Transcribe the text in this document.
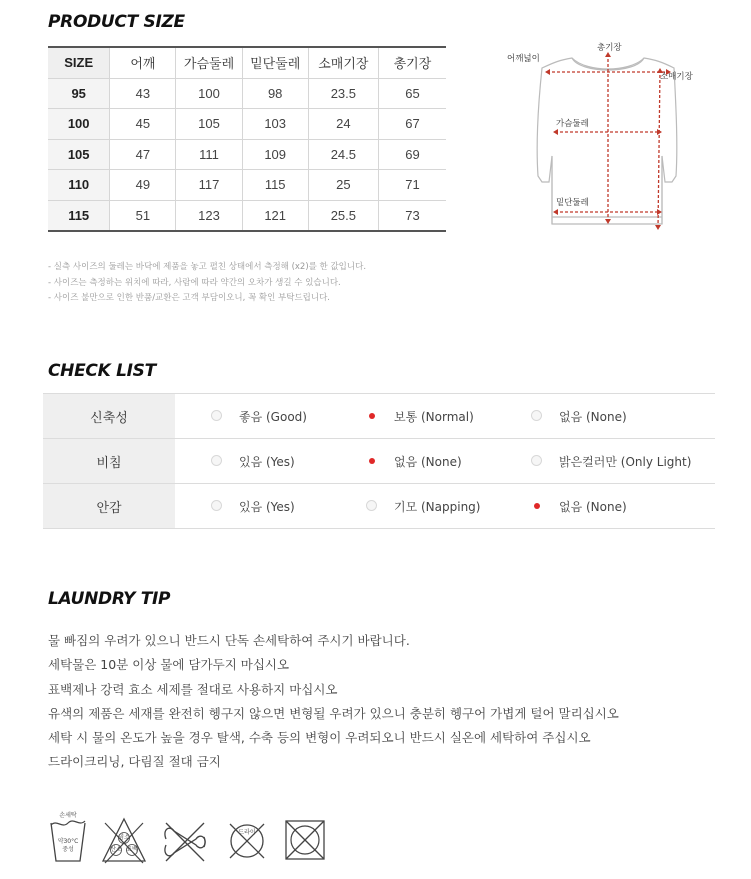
PRODUCT SIZE
SIZE	어깨	가슴둘레	밑단둘레	소매기장	총기장
95	43	100	98	23.5	65
100	45	105	103	24	67
105	47	111	109	24.5	69
110	49	117	115	25	71
115	51	123	121	25.5	73
- 실측 사이즈의 둘레는 바닥에 제품을 놓고 펼친 상태에서 측정해 (x2)를 한 값입니다.
- 사이즈는 측정하는 위치에 따라, 사람에 따라 약간의 오차가 생길 수 있습니다.
- 사이즈 불만으로 인한 반품/교환은 고객 부담이오니, 꼭 확인 부탁드립니다.
어깨넓이
총기장
소매기장
가슴둘레
밑단둘레
CHECK LIST
신축성	좋음 (Good)	보통 (Normal)	없음 (None)
비침	있음 (Yes)	없음 (None)	밝은컬러만 (Only Light)
안감	있음 (Yes)	기모 (Napping)	없음 (None)
LAUNDRY TIP
물 빠짐의 우려가 있으니 반드시 단독 손세탁하여 주시기 바랍니다.
세탁물은 10분 이상 물에 담가두지 마십시오
표백제나 강력 효소 세제를 절대로 사용하지 마십시오
유색의 제품은 세재를 완전히 헹구지 않으면 변형될 우려가 있으니 충분히 헹구어 가볍게 털어 말리십시오
세탁 시 물의 온도가 높을 경우 탈색, 수축 등의 변형이 우려되오니 반드시 실온에 세탁하여 주십시오
드라이크리닝, 다림질 절대 금지
손세탁
약30°C
중성
염소
산소 표백
드라이
